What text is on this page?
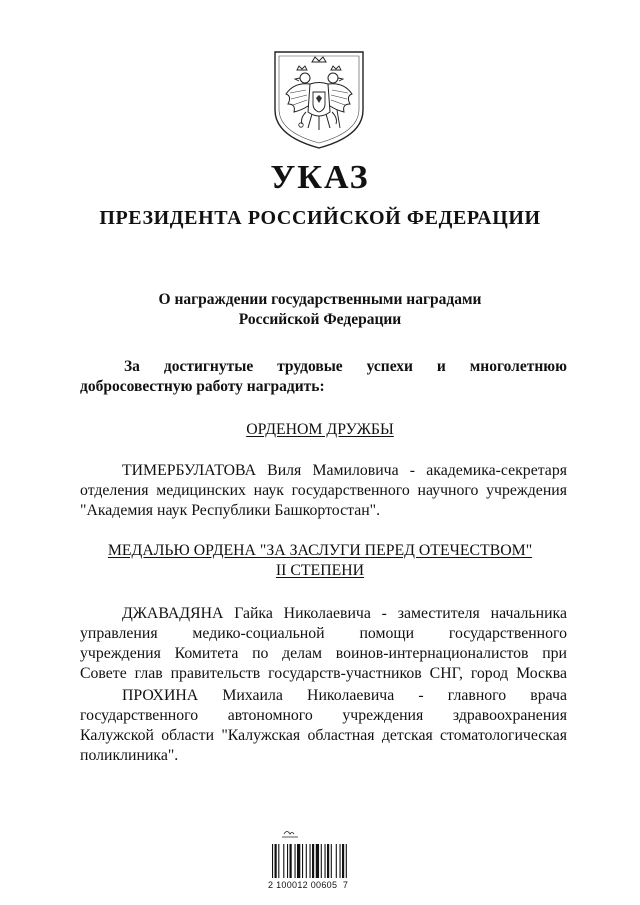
УКАЗ
ПРЕЗИДЕНТА РОССИЙСКОЙ ФЕДЕРАЦИИ
О награждении государственными наградами
Российской Федерации
За достигнутые трудовые успехи и многолетнюю
добросовестную работу наградить:
ОРДЕНОМ ДРУЖБЫ
ТИМЕРБУЛАТОВА Виля Мамиловича - академика-секретаря
отделения медицинских наук государственного научного учреждения
"Академия наук Республики Башкортостан".
МЕДАЛЬЮ ОРДЕНА "ЗА ЗАСЛУГИ ПЕРЕД ОТЕЧЕСТВОМ"
II СТЕПЕНИ
ДЖАВАДЯНА Гайка Николаевича - заместителя начальника
управления медико-социальной помощи государственного
учреждения Комитета по делам воинов-интернационалистов при
Совете глав правительств государств-участников СНГ, город Москва
ПРОХИНА Михаила Николаевича - главного врача
государственного автономного учреждения здравоохранения
Калужской области "Калужская областная детская стоматологическая
поликлиника".
2 100012 00605  7
